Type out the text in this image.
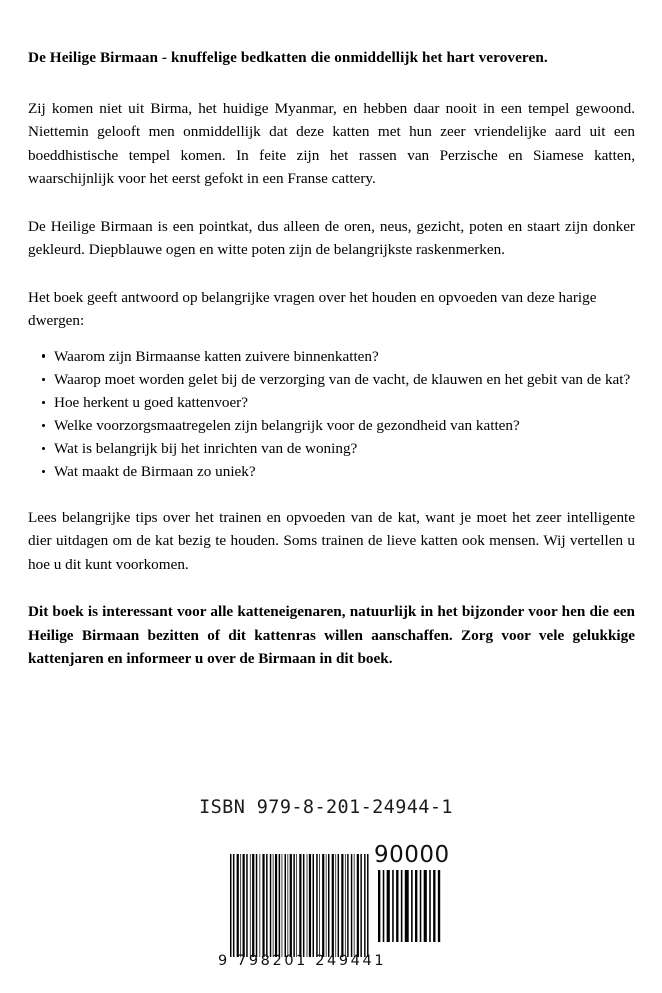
De Heilige Birmaan - knuffelige bedkatten die onmiddellijk het hart veroveren.

Zij komen niet uit Birma, het huidige Myanmar, en hebben daar nooit in een tempel gewoond. Niettemin gelooft men onmiddellijk dat deze katten met hun zeer vriendelijke aard uit een boeddhistische tempel komen. In feite zijn het rassen van Perzische en Siamese katten, waarschijnlijk voor het eerst gefokt in een Franse cattery.

De Heilige Birmaan is een pointkat, dus alleen de oren, neus, gezicht, poten en staart zijn donker gekleurd. Diepblauwe ogen en witte poten zijn de belangrijkste raskenmerken.

Het boek geeft antwoord op belangrijke vragen over het houden en opvoeden van deze harige dwergen:

Waarom zijn Birmaanse katten zuivere binnenkatten?
Waarop moet worden gelet bij de verzorging van de vacht, de klauwen en het gebit van de kat?
Hoe herkent u goed kattenvoer?
Welke voorzorgsmaatregelen zijn belangrijk voor de gezondheid van katten?
Wat is belangrijk bij het inrichten van de woning?
Wat maakt de Birmaan zo uniek?

Lees belangrijke tips over het trainen en opvoeden van de kat, want je moet het zeer intelligente dier uitdagen om de kat bezig te houden. Soms trainen de lieve katten ook mensen. Wij vertellen u hoe u dit kunt voorkomen.

Dit boek is interessant voor alle katteneigenaren, natuurlijk in het bijzonder voor hen die een Heilige Birmaan bezitten of dit kattenras willen aanschaffen. Zorg voor vele gelukkige kattenjaren en informeer u over de Birmaan in dit boek.

ISBN 979-8-201-24944-1
9 798201 249441
90000
